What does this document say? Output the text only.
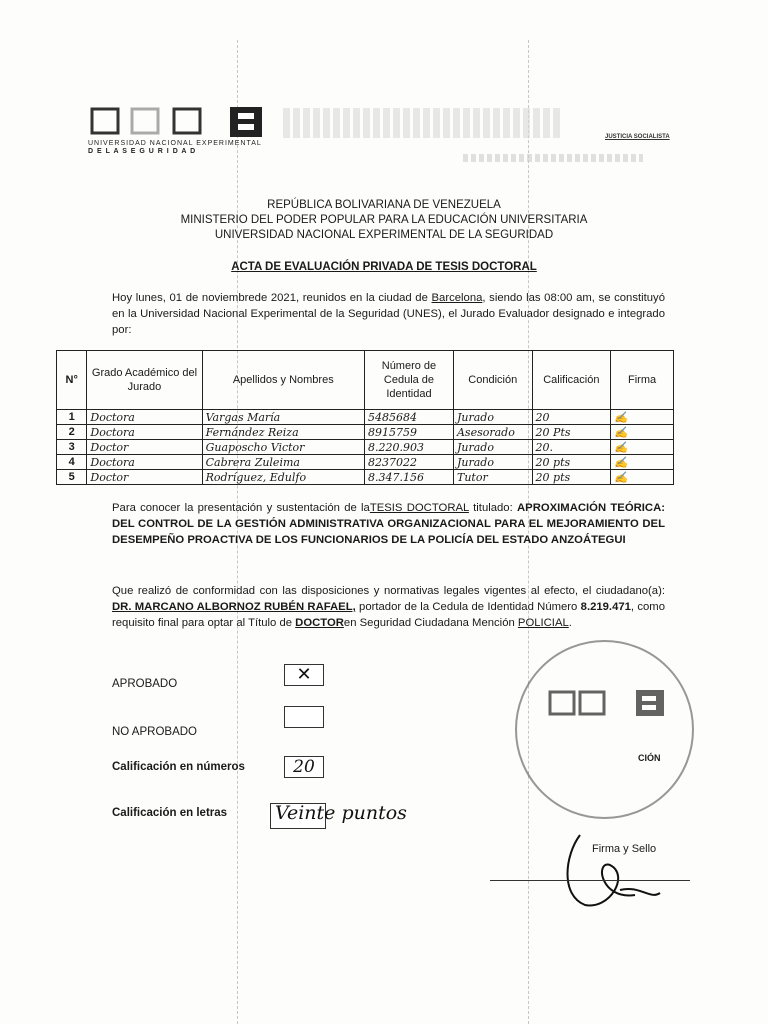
UNIVERSIDAD NACIONAL EXPERIMENTAL
D E L A S E G U R I D A D
JUSTICIA SOCIALISTA
REPÚBLICA BOLIVARIANA DE VENEZUELA
MINISTERIO DEL PODER POPULAR PARA LA EDUCACIÓN UNIVERSITARIA
UNIVERSIDAD NACIONAL EXPERIMENTAL DE LA SEGURIDAD
ACTA DE EVALUACIÓN PRIVADA DE TESIS DOCTORAL
Hoy lunes, 01 de noviembrede 2021, reunidos en la ciudad de Barcelona, siendo las 08:00 am, se constituyó en la Universidad Nacional Experimental de la Seguridad (UNES), el Jurado Evaluador designado e integrado por:
N°	Grado Académico del Jurado	Apellidos y Nombres	Número de Cedula de Identidad	Condición	Calificación	Firma
1	Doctora	Vargas María	5485684	Jurado	20	✍
2	Doctora	Fernández Reiza	8915759	Asesorado	20 Pts	✍
3	Doctor	Guaposcho Victor	8.220.903	Jurado	20.	✍
4	Doctora	Cabrera Zuleima	8237022	Jurado	20 pts	✍
5	Doctor	Rodríguez, Edulfo	8.347.156	Tutor	20 pts	✍
Para conocer la presentación y sustentación de laTESIS DOCTORAL titulado: APROXIMACIÓN TEÓRICA: DEL CONTROL DE LA GESTIÓN ADMINISTRATIVA ORGANIZACIONAL PARA EL MEJORAMIENTO DEL DESEMPEÑO PROACTIVA DE LOS FUNCIONARIOS DE LA POLICÍA DEL ESTADO ANZOÁTEGUI
Que realizó de conformidad con las disposiciones y normativas legales vigentes al efecto, el ciudadano(a): DR. MARCANO ALBORNOZ RUBÉN RAFAEL, portador de la Cedula de Identidad Número 8.219.471, como requisito final para optar al Título de DOCTORen Seguridad Ciudadana Mención POLICIAL.
APROBADO	✕
NO APROBADO
Calificación en números	20
Calificación en letras	Veinte puntos
CIÓN
Firma y Sello
